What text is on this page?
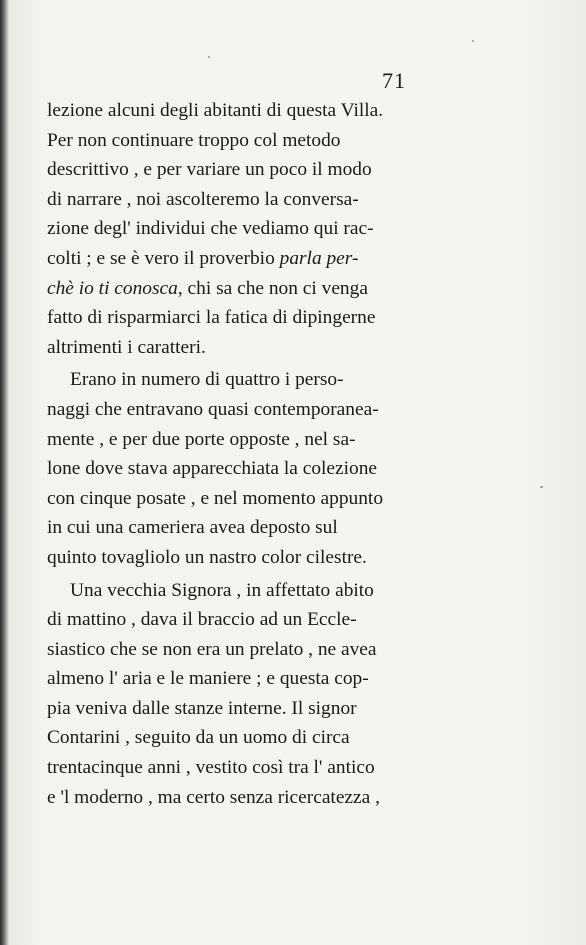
71
lezione alcuni degli abitanti di questa Villa.
Per non continuare troppo col metodo
descrittivo , e per variare un poco il modo
di narrare , noi ascolteremo la conversa-
zione degl' individui che vediamo qui rac-
colti ; e se è vero il proverbio parla per-
chè io ti conosca, chi sa che non ci venga
fatto di risparmiarci la fatica di dipingerne
altrimenti i caratteri.
Erano in numero di quattro i perso-
naggi che entravano quasi contemporanea-
mente , e per due porte opposte , nel sa-
lone dove stava apparecchiata la colezione
con cinque posate , e nel momento appunto
in cui una cameriera avea deposto sul
quinto tovagliolo un nastro color cilestre.
Una vecchia Signora , in affettato abito
di mattino , dava il braccio ad un Eccle-
siastico che se non era un prelato , ne avea
almeno l' aria e le maniere ; e questa cop-
pia veniva dalle stanze interne. Il signor
Contarini , seguito da un uomo di circa
trentacinque anni , vestito così tra l' antico
e 'l moderno , ma certo senza ricercatezza ,
